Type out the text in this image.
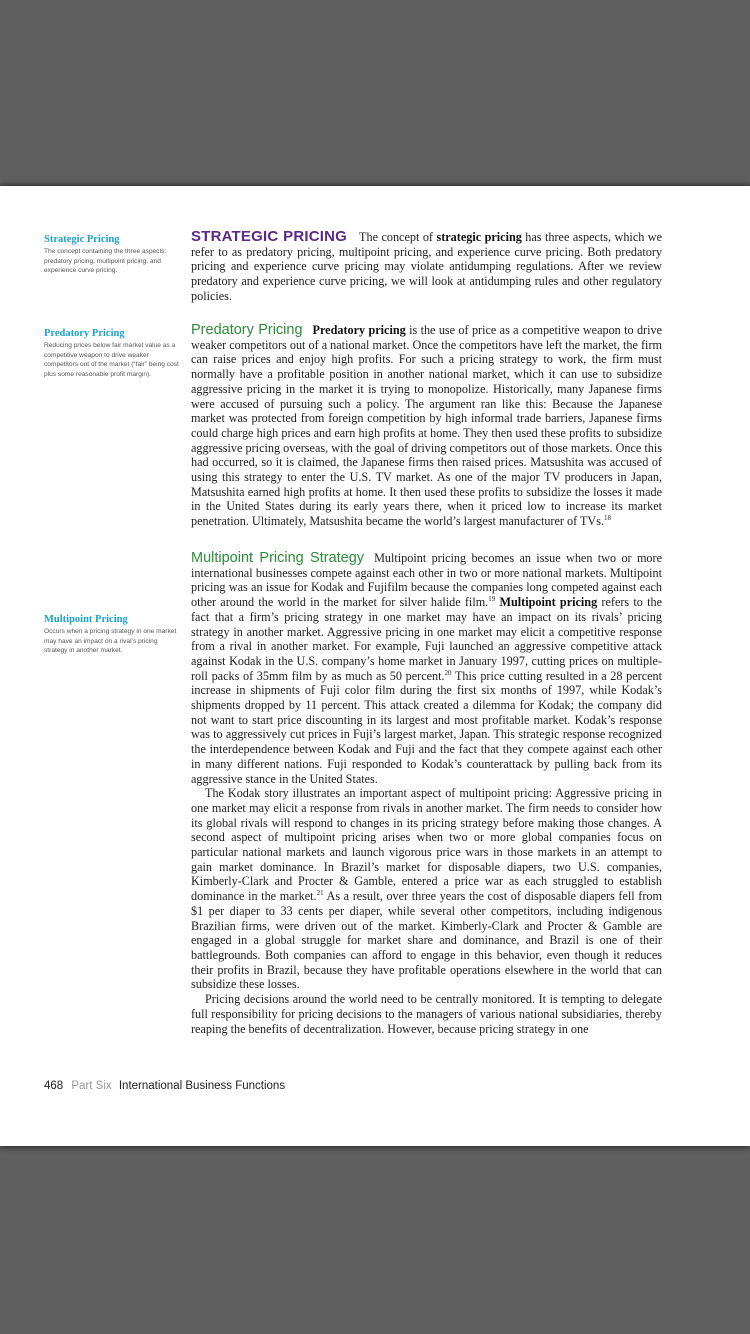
Strategic Pricing
The concept containing the three aspects: predatory pricing, multipoint pricing, and experience curve pricing.
Predatory Pricing
Reducing prices below fair market value as a competitive weapon to drive weaker competitors out of the market (“fair” being cost plus some reasonable profit margin).
Multipoint Pricing
Occurs when a pricing strategy in one market may have an impact on a rival’s pricing strategy in another market.

STRATEGIC PRICING The concept of strategic pricing has three aspects, which we refer to as predatory pricing, multipoint pricing, and experience curve pricing. Both predatory pricing and experience curve pricing may violate antidumping regulations. After we review predatory and experience curve pricing, we will look at antidumping rules and other regulatory policies.

Predatory Pricing Predatory pricing is the use of price as a competitive weapon to drive weaker competitors out of a national market. Once the competitors have left the market, the firm can raise prices and enjoy high profits. For such a pricing strategy to work, the firm must normally have a profitable position in another national market, which it can use to subsidize aggressive pricing in the market it is trying to monopolize. Historically, many Japanese firms were accused of pursuing such a policy. The argument ran like this: Because the Japanese market was protected from foreign competition by high informal trade barriers, Japanese firms could charge high prices and earn high profits at home. They then used these profits to subsidize aggressive pricing overseas, with the goal of driving competitors out of those markets. Once this had occurred, so it is claimed, the Japanese firms then raised prices. Matsushita was accused of using this strategy to enter the U.S. TV market. As one of the major TV producers in Japan, Matsushita earned high profits at home. It then used these profits to subsidize the losses it made in the United States during its early years there, when it priced low to increase its market penetration. Ultimately, Matsushita became the world’s largest manufacturer of TVs.$^{18}$

Multipoint Pricing Strategy Multipoint pricing becomes an issue when two or more international businesses compete against each other in two or more national markets. Multipoint pricing was an issue for Kodak and Fujifilm because the companies long competed against each other around the world in the market for silver halide film.$^{19}$ Multipoint pricing refers to the fact that a firm’s pricing strategy in one market may have an impact on its rivals’ pricing strategy in another market. Aggressive pricing in one market may elicit a competitive response from a rival in another market. For example, Fuji launched an aggressive competitive attack against Kodak in the U.S. company’s home market in January 1997, cutting prices on multiple-roll packs of 35mm film by as much as 50 percent.$^{20}$ This price cutting resulted in a 28 percent increase in shipments of Fuji color film during the first six months of 1997, while Kodak’s shipments dropped by 11 percent. This attack created a dilemma for Kodak; the company did not want to start price discounting in its largest and most profitable market. Kodak’s response was to aggressively cut prices in Fuji’s largest market, Japan. This strategic response recognized the interdependence between Kodak and Fuji and the fact that they compete against each other in many different nations. Fuji responded to Kodak’s counterattack by pulling back from its aggressive stance in the United States.

The Kodak story illustrates an important aspect of multipoint pricing: Aggressive pricing in one market may elicit a response from rivals in another market. The firm needs to consider how its global rivals will respond to changes in its pricing strategy before making those changes. A second aspect of multipoint pricing arises when two or more global companies focus on particular national markets and launch vigorous price wars in those markets in an attempt to gain market dominance. In Brazil’s market for disposable diapers, two U.S. companies, Kimberly-Clark and Procter & Gamble, entered a price war as each struggled to establish dominance in the market.$^{21}$ As a result, over three years the cost of disposable diapers fell from $1 per diaper to 33 cents per diaper, while several other competitors, including indigenous Brazilian firms, were driven out of the market. Kimberly-Clark and Procter & Gamble are engaged in a global struggle for market share and dominance, and Brazil is one of their battlegrounds. Both companies can afford to engage in this behavior, even though it reduces their profits in Brazil, because they have profitable operations elsewhere in the world that can subsidize these losses.

Pricing decisions around the world need to be centrally monitored. It is tempting to delegate full responsibility for pricing decisions to the managers of various national subsidiaries, thereby reaping the benefits of decentralization. However, because pricing strategy in one

468 Part Six International Business Functions
